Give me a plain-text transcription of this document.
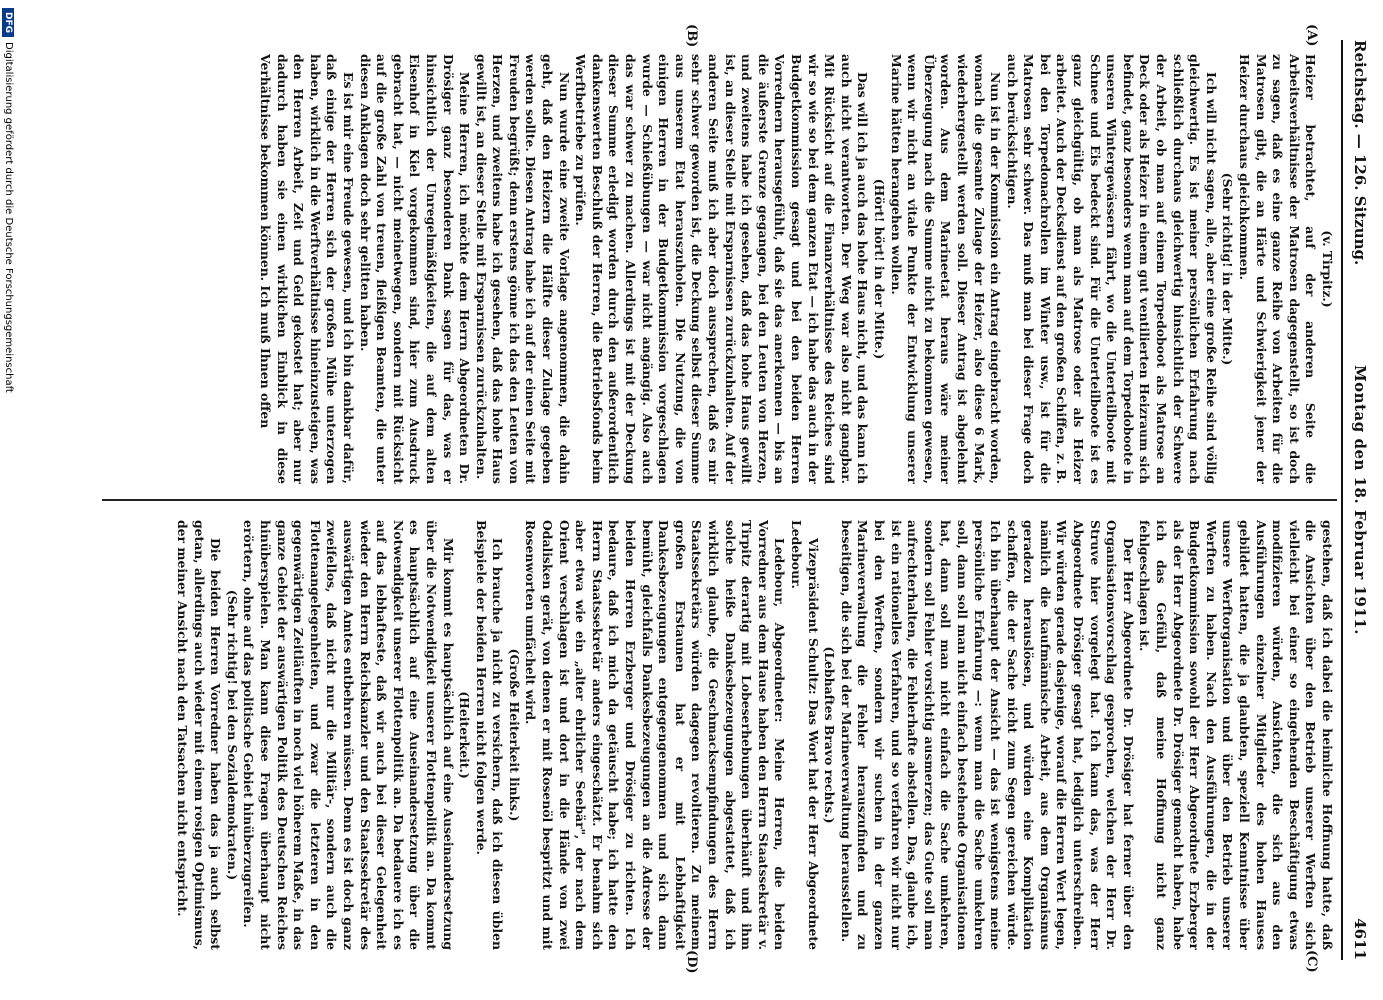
Reichstag. — 126. Sitzung.
Montag den 18. Februar 1911.
4611
(A)
(B)
(C)
(D)

(v. Tirpitz.)

Heizer betrachtet, auf der anderen Seite die Arbeitsverhältnisse der Matrosen dagegenstellt, so ist doch zu sagen, daß es eine ganze Reihe von Arbeiten für die Matrosen gibt, die an Härte und Schwierigkeit jener der Heizer durchaus gleichkommen.

(Sehr richtig! in der Mitte.)

Ich will nicht sagen, alle, aber eine große Reihe sind völlig gleichwertig. Es ist meiner persönlichen Erfahrung nach schließlich durchaus gleichwertig hinsichtlich der Schwere der Arbeit, ob man auf einem Torpedoboot als Matrose an Deck oder als Heizer in einem gut ventilierten Heizraum sich befindet, ganz besonders wenn man auf dem Torpedoboote in unseren Wintergewässern fährt, wo die Unterteilboote mit Schnee und Eis bedeckt sind. Für die Unterteilboote ist es ganz gleichgültig, ob man als Matrose oder als Heizer arbeitet. Auch der Decksdienst auf den großen Schiffen, z. B. bei den Torpedonachrollen im Winter usw., ist für die Matrosen sehr schwer. Das muß man bei dieser Frage doch auch berücksichtigen.

Nun ist in der Kommission ein Antrag eingebracht worden, wonach die gesamte Zulage der Heizer, also diese 6 Mark, wiederhergestellt werden soll. Dieser Antrag ist abgelehnt worden. Aus dem Marineetat heraus wäre meiner Überzeugung nach die Summe nicht zu bekommen gewesen, wenn wir nicht an vitale Punkte der Entwicklung unserer Marine hätten herangehen wollen.

(Hört! hört! in der Mitte.)

Das will ich ja auch das hohe Haus nicht, und das kann ich auch nicht verantworten. Der Weg war also nicht gangbar. Mit Rücksicht auf die Finanzverhältnisse des Reiches sind wir so wie so bei dem ganzen Etat — ich habe das auch in der Budgetkommission gesagt und bei den beiden Herren Vorrednern herausgefühlt, daß sie das anerkennen — bis an die äußerste Grenze gegangen, bei den Leuten von Herzen, und zweitens habe ich gesehen, daß das hohe Haus gewillt ist, an dieser Stelle mit Ersparnissen zurückzuhalten. Auf der anderen Seite muß ich aber doch aussprechen, daß es mir sehr schwer geworden ist, die Deckung selbst dieser Summe aus unserem Etat herauszuholen. Die Nutzung, die von einigen Herren in der Budgetkommission vorgeschlagen wurde — Schießübungen — war nicht angängig. Also auch das war schwer zu machen. Allerdings ist mit der Deckung dieser Summe erledigt worden durch den außerordentlich dankenswerten Beschluß der Herren, die Betriebsfonds beim Werftbetriebe zu prüfen.

Nun wurde eine zweite Vorlage angenommen, die dahin geht, daß den Heizern die Hälfte dieser Zulage gegeben werden sollte. Diesen Antrag habe ich auf der einen Seite mit Freuden begrüßt; denn erstens gönne ich das den Leuten von Herzen, und zweitens habe ich gesehen, daß das hohe Haus gewillt ist, an dieser Stelle mit Ersparnissen zurückzuhalten.

Meine Herren, ich möchte dem Herrn Abgeordneten Dr. Drösiger ganz besonderen Dank sagen für das, was er hinsichtlich der Unregelmäßigkeiten, die auf dem alten Eisenhof in Kiel vorgekommen sind, hier zum Ausdruck gebracht hat, — nicht meinetwegen, sondern mit Rücksicht auf die große Zahl von treuen, fleißigen Beamten, die unter diesen Anklagen doch sehr gelitten haben.

Es ist mir eine Freude gewesen, und ich bin dankbar dafür, daß einige der Herren sich der großen Mühe unterzogen haben, wirklich in die Werftverhältnisse hineinzusteigen, was den Herren Arbeit, Zeit und Geld gekostet hat; aber nur dadurch haben sie einen wirklichen Einblick in diese Verhältnisse bekommen können. Ich muß Ihnen offen

gestehen, daß ich dabei die heimliche Hoffnung hatte, daß die Ansichten über den Betrieb unserer Werften sich vielleicht bei einer so eingehenden Beschäftigung etwas modifizieren würden, Ansichten, die sich aus den Ausführungen einzelner Mitglieder des hohen Hauses gebildet hatten, die ja glaubten, speziell Kenntnisse über unsere Werftorganisation und über den Betrieb unserer Werften zu haben. Nach den Ausführungen, die in der Budgetkommission sowohl der Herr Abgeordnete Erzberger als der Herr Abgeordnete Dr. Drösiger gemacht haben, habe ich das Gefühl, daß meine Hoffnung nicht ganz fehlgeschlagen ist.

Der Herr Abgeordnete Dr. Drösiger hat ferner über den Organisationsvorschlag gesprochen, welchen der Herr Dr. Struve hier vorgelegt hat. Ich kann das, was der Herr Abgeordnete Drösiger gesagt hat, lediglich unterschreiben. Wir würden gerade dasjenige, worauf die Herren Wert legen, nämlich die kaufmännische Arbeit, aus dem Organismus geradezu herauslösen, und würden eine Komplikation schaffen, die der Sache nicht zum Segen gereichen würde. Ich bin überhaupt der Ansicht — das ist wenigstens meine persönliche Erfahrung —: wenn man die Sache umkehren soll, dann soll man nicht einfach bestehende Organisationen hat, dann soll man nicht einfach die Sache umkehren, sondern soll Fehler vorsichtig ausmerzen; das Gute soll man aufrechterhalten, die Fehlerhafte abstellen. Das, glaube ich, ist ein rationelles Verfahren, und so verfahren wir nicht nur bei den Werften, sondern wir suchen in der ganzen Marineverwaltung die Fehler herauszufinden und zu beseitigen, die sich bei der Marineverwaltung herausstellen.

(Lebhaftes Bravo rechts.)

Vizepräsident Schultz: Das Wort hat der Herr Abgeordnete Ledebour.

Ledebour, Abgeordneter: Meine Herren, die beiden Vorredner aus dem Hause haben den Herrn Staatssekretär v. Tirpitz derartig mit Lobeserhebungen überhäuft und ihm solche heiße Dankesbezeugungen abgestattet, daß ich wirklich glaube, die Geschmacksempfindungen des Herrn Staatssekretärs würden dagegen revoltieren. Zu meinem großen Erstaunen hat er mit Lebhaftigkeit Dankesbezeugungen entgegengenommen und sich dann bemüht, gleichfalls Dankesbezeugungen an die Adresse der beiden Herren Erzberger und Drösiger zu richten. Ich bedaure, daß ich mich da getäuscht habe; ich hatte den Herrn Staatssekretär anders eingeschätzt. Er benahm sich aber etwa wie ein „alter ehrlicher Seebär", der nach dem Orient verschlagen ist und dort in die Hände von zwei Odalisken gerät, von denen er mit Rosenöl bespritzt und mit Rosenworten umfächelt wird.

(Große Heiterkeit links.)

Ich brauche ja nicht zu versichern, daß ich diesen üblen Beispiele der beiden Herren nicht folgen werde.

(Heiterkeit.)

Mir kommt es hauptsächlich auf eine Auseinandersetzung über die Notwendigkeit unserer Flottenpolitik an. Da kommt es hauptsächlich auf eine Auseinandersetzung über die Notwendigkeit unserer Flottenpolitik an. Da bedauere ich es auf das lebhafteste, daß wir auch bei dieser Gelegenheit wieder den Herrn Reichskanzler und den Staatssekretär des auswärtigen Amtes entbehren müssen. Denn es ist doch ganz zweifellos, daß nicht nur die Militär-, sondern auch die Flottenangelegenheiten, und zwar die letzteren in den gegenwärtigen Zeitläuften in noch viel höherem Maße, in das ganze Gebiet der auswärtigen Politik des Deutschen Reiches hinüberspielen. Man kann diese Fragen überhaupt nicht erörtern, ohne auf das politische Gebiet hinüberzugreifen.

(Sehr richtig! bei den Sozialdemokraten.)

Die beiden Herren Vorredner haben das ja auch selbst getan, allerdings auch wieder mit einem rosigen Optimismus, der meiner Ansicht nach den Tatsachen nicht entspricht.

DFGDigitalisierung gefördert durch die Deutsche Forschungsgemeinschaft
